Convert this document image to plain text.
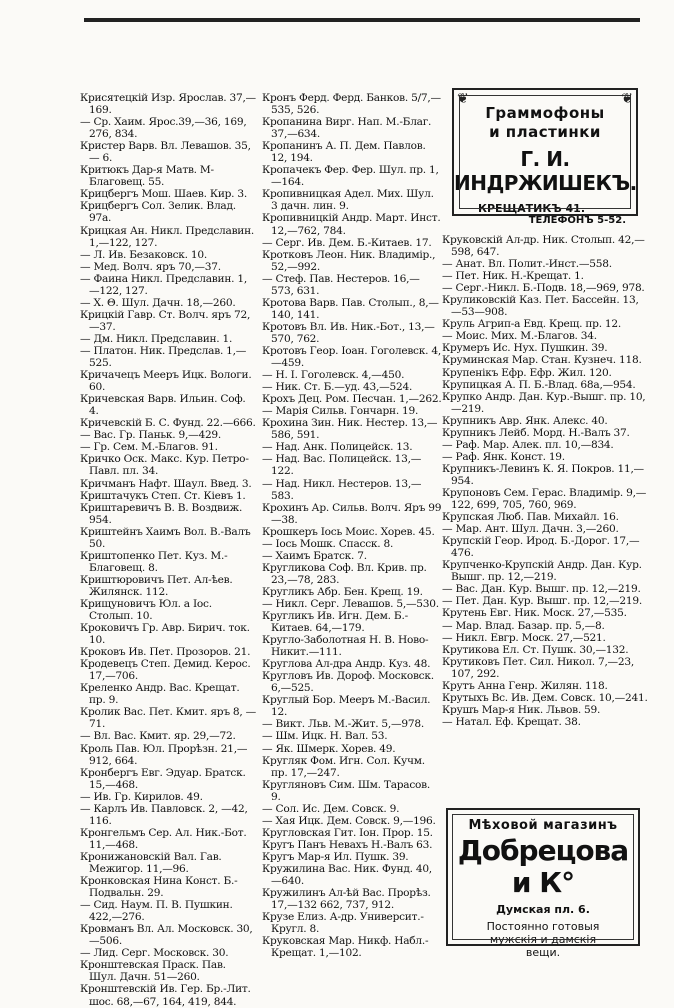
Крисятецкiй Изр. Ярослав. 37,—169.

— Ср. Хаим. Ярос.39,—36, 169, 276, 834.

Кристер Варв. Вл. Левашов. 35, — 6.

Критюкъ Дар-я Матв. М-Благовещ. 55.

Крицбергъ Мош. Шаев. Кир. 3.

Крицбергъ Сол. Зелик. Влад. 97а.

Крицкая Ан. Никл. Предславин. 1,—122, 127.

— Л. Ив. Безаковск. 10.

— Мед. Волч. яръ 70,—37.

— Фаина Никл. Предславин. 1, —122, 127.

— Х. Θ. Шул. Дачн. 18,—260.

Крицкiй Гавр. Ст. Волч. яръ 72, —37.

— Дм. Никл. Предславин. 1.

— Платон. Ник. Предслав. 1,—525.

Кричачецъ Мееръ Ицк. Вологи. 60.

Кричевская Варв. Ильин. Соф. 4.

Кричевскiй Б. С. Фунд. 22.—666.

— Вас. Гр. Паньк. 9,—429.

— Гр. Сем. М.-Благов. 91.

Кричко Оск. Макс. Кур. Петро-Павл. пл. 34.

Кричманъ Нафт. Шаул. Введ. 3.

Криштачукъ Степ. Ст. Кiевъ 1.

Криштаревичъ В. В. Воздвиж. 954.

Криштейнъ Хаимъ Вол. В.-Валъ 50.

Криштопенко Пет. Куз. М.-Благовещ. 8.

Криштюровичъ Пет. Ал-ѣев. Жилянск. 112.

Крищуновичъ Юл. а Iос. Столып. 10.

Кроковичъ Гр. Авр. Бирич. ток. 10.

Кроковъ Ив. Пет. Прозоров. 21.

Кродевецъ Степ. Демид. Керос. 17,—706.

Креленко Андр. Вас. Крещат. пр. 9.

Кролик Вас. Пет. Кмит. яръ 8, —71.

— Вл. Вас. Кмит. яр. 29,—72.

Кроль Пав. Юл. Прорѣзн. 21,—912, 664.

Кронбергъ Евг. Эдуар. Братск. 15,—468.

— Ив. Гр. Кирилов. 49.

— Карлъ Ив. Павловск. 2, —42, 116.

Кронгельмъ Сер. Ал. Ник.-Бот. 11,—468.

Кронижановскiй Вал. Гав. Межигор. 11,—96.

Кронковская Нина Конст. Б.-Подвальн. 29.

— Сид. Наум. П. В. Пушкин. 422,—276.

Кровманъ Вл. Ал. Московск. 30,—506.

— Лид. Серг. Московск. 30.

Кронштевская Праск. Пав. Шул. Дачн. 51—260.

Кронштевскiй Ив. Гер. Бр.-Лит. шос. 68,—67, 164, 419, 844.

Кронъ Ферд. Ферд. Банков. 5/7,—535, 526.

Кропанина Вирг. Нап. М.-Благ. 37,—634.

Кропанинъ А. П. Дем. Павлов. 12, 194.

Кропачекъ Фер. Фер. Шул. пр. 1,—164.

Кропивницкая Адел. Мих. Шул. 3 дачн. лин. 9.

Кропивницкiй Андр. Март. Инст. 12,—762, 784.

— Серг. Ив. Дем. Б.-Китаев. 17.

Кротковъ Леон. Ник. Владимiр., 52,—992.

— Стеф. Пав. Нестеров. 16,—573, 631.

Кротова Варв. Пав. Столып., 8,—140, 141.

Кротовъ Вл. Ив. Ник.-Бот., 13,—570, 762.

Кротовъ Геор. Iоан. Гоголевск. 4,—459.

— Н. I. Гоголевск. 4,—450.

— Ник. Ст. Б.—уд. 43,—524.

Крохъ Дец. Ром. Песчан. 1,—262.

— Марiя Сильв. Гончарн. 19.

Крохина Зин. Ник. Нестер. 13,—586, 591.

— Над. Анк. Полицейск. 13.

— Над. Вас. Полицейск. 13,—122.

— Над. Никл. Нестеров. 13,—583.

Крохинъ Ар. Сильв. Волч. Яръ 99 —38.

Крошкеръ Iось Моис. Хорев. 45.

— Iось Мошк. Спасск. 8.

— Хаимъ Братск. 7.

Кругликова Соф. Вл. Крив. пр. 23,—78, 283.

Кругликъ Абр. Бен. Крещ. 19.

— Никл. Серг. Левашов. 5,—530.

Кругликъ Ив. Игн. Дем. Б.-Китаев. 64,—179.

Кругло-Заболотная Н. В. Ново-Никит.—111.

Круглова Ал-дра Андр. Куз. 48.

Кругловъ Ив. Дороф. Московск. 6,—525.

Круглый Бор. Мееръ М.-Васил. 12.

— Викт. Льв. М.-Жит. 5,—978.

— Шм. Ицк. Н. Вал. 53.

— Як. Шмерк. Хорев. 49.

Кругляк Фом. Игн. Сол. Кучм. пр. 17,—247.

Кругляновъ Сим. Шм. Тарасов. 9.

— Сол. Ис. Дем. Совск. 9.

— Хая Ицк. Дем. Совск. 9,—196.

Кругловская Гит. Iон. Прор. 15.

Кругъ Панъ Невахъ Н.-Валъ 63.

Кругъ Мар-я Ил. Пушк. 39.

Кружилина Вас. Ник. Фунд. 40,—640.

Кружилинъ Ал-ѣй Вас. Прорѣз. 17,—132 662, 737, 912.

Крузе Елиз. А-др. Университ.-Кругл. 8.

Круковская Мар. Никф. Набл.-Крещат. 1,—102.

❦	❦
Граммофоны
и пластинки
Г. И. ИНДРЖИШЕКЪ.
КРЕЩАТИКЪ 41.
ТЕЛЕФОНЪ 5-52.

Круковскiй Ал-др. Ник. Столып. 42,—598, 647.

— Анат. Вл. Полит.-Инст.—558.

— Пет. Ник. Н.-Крещат. 1.

— Серг.-Никл. Б.-Подв. 18,—969, 978.

Круликовскiй Каз. Пет. Бассейн. 13,—53—908.

Круль Агрип-а Евд. Крещ. пр. 12.

— Моис. Мих. М.-Благов. 34.

Крумеръ Ис. Нух. Пушкин. 39.

Круминская Мар. Стан. Кузнеч. 118.

Крупенiкъ Ефр. Ефр. Жил. 120.

Крупицкая А. П. Б.-Влад. 68а,—954.

Крупко Андр. Дан. Кур.-Вышг. пр. 10,—219.

Крупникъ Авр. Янк. Алекс. 40.

Крупникъ Лейб. Морд. Н.-Валъ 37.

— Раф. Мар. Алек. пл. 10,—834.

— Раф. Янк. Конст. 19.

Крупникъ-Левинъ К. Я. Покров. 11,—954.

Крупоновъ Сем. Герас. Владимiр. 9,—122, 699, 705, 760, 969.

Крупская Люб. Пав. Михайл. 16.

— Мар. Ант. Шул. Дачн. 3,—260.

Крупскiй Геор. Ирод. Б.-Дорог. 17,—476.

Крупченко-Крупскiй Андр. Дан. Кур. Вышг. пр. 12,—219.

— Вас. Дан. Кур. Вышг. пр. 12,—219.

— Пет. Дан. Кур. Вышг. пр. 12,—219.

Крутень Евг. Ник. Моск. 27,—535.

— Мар. Влад. Базар. пр. 5,—8.

— Никл. Евгр. Моск. 27,—521.

Крутикова Ел. Ст. Пушк. 30,—132.

Крутиковъ Пет. Сил. Никол. 7,—23, 107, 292.

Крутъ Анна Генр. Жилян. 118.

Крутыхъ Вс. Ив. Дем. Совск. 10,—241.

Крушъ Мар-я Ник. Львов. 59.

— Натал. Еф. Крещат. 38.

Мѣховой магазинъ
Добрецова и К°
Думская пл. 6.
Постоянно готовыя
мужскiя и дамскiя
вещи.
